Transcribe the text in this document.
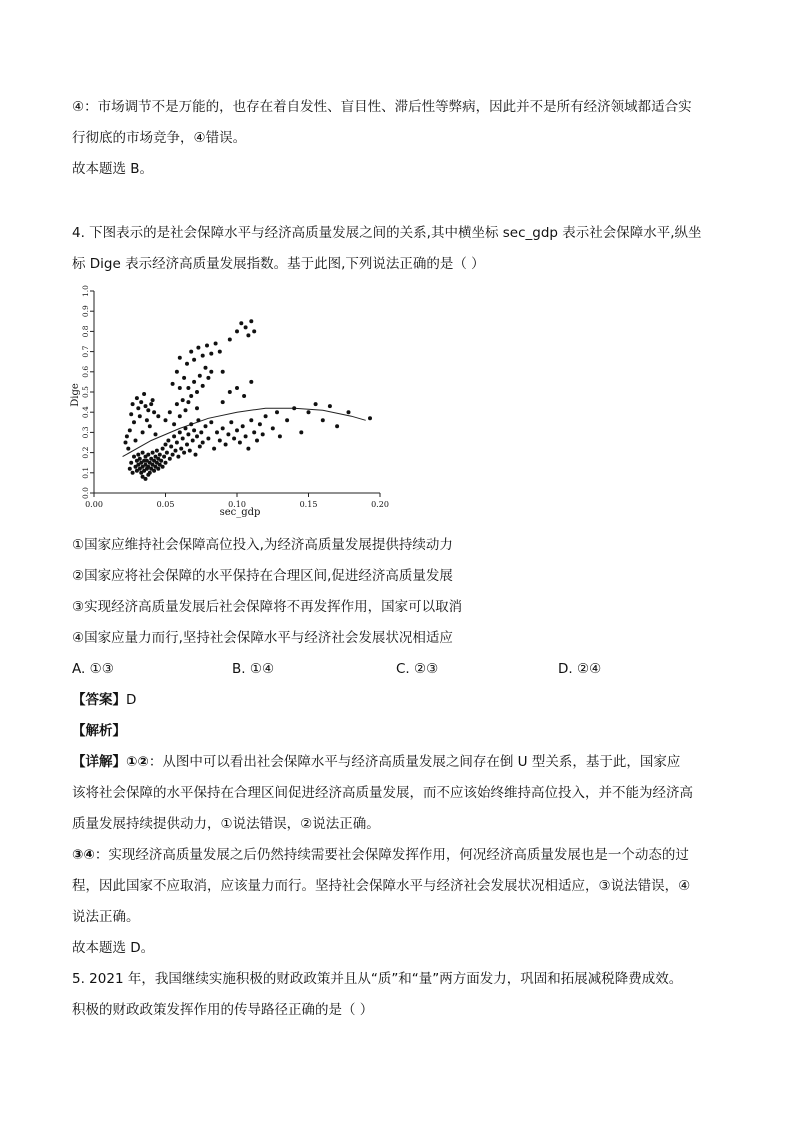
④：市场调节不是万能的，也存在着自发性、盲目性、滞后性等弊病，因此并不是所有经济领域都适合实
行彻底的市场竞争，④错误。
故本题选 B。
4. 下图表示的是社会保障水平与经济高质量发展之间的关系,其中横坐标 sec_gdp 表示社会保障水平,纵坐
标 Dige 表示经济高质量发展指数。基于此图,下列说法正确的是（ ）
0.00	0.05	0.10	0.15	0.20
0.0
0.1
0.2
0.3
0.4
0.5
0.6
0.7
0.8
0.9
1.0
Dige
sec_gdp
①国家应维持社会保障高位投入,为经济高质量发展提供持续动力
②国家应将社会保障的水平保持在合理区间,促进经济高质量发展
③实现经济高质量发展后社会保障将不再发挥作用，国家可以取消
④国家应量力而行,坚持社会保障水平与经济社会发展状况相适应
A. ①③	B. ①④	C. ②③	D. ②④
【答案】D
【解析】
【详解】①②：从图中可以看出社会保障水平与经济高质量发展之间存在倒 U 型关系，基于此，国家应
该将社会保障的水平保持在合理区间促进经济高质量发展，而不应该始终维持高位投入，并不能为经济高
质量发展持续提供动力，①说法错误，②说法正确。
③④：实现经济高质量发展之后仍然持续需要社会保障发挥作用，何况经济高质量发展也是一个动态的过
程，因此国家不应取消，应该量力而行。坚持社会保障水平与经济社会发展状况相适应，③说法错误，④
说法正确。
故本题选 D。
5. 2021 年，我国继续实施积极的财政政策并且从“质”和“量”两方面发力，巩固和拓展减税降费成效。
积极的财政政策发挥作用的传导路径正确的是（ ）
